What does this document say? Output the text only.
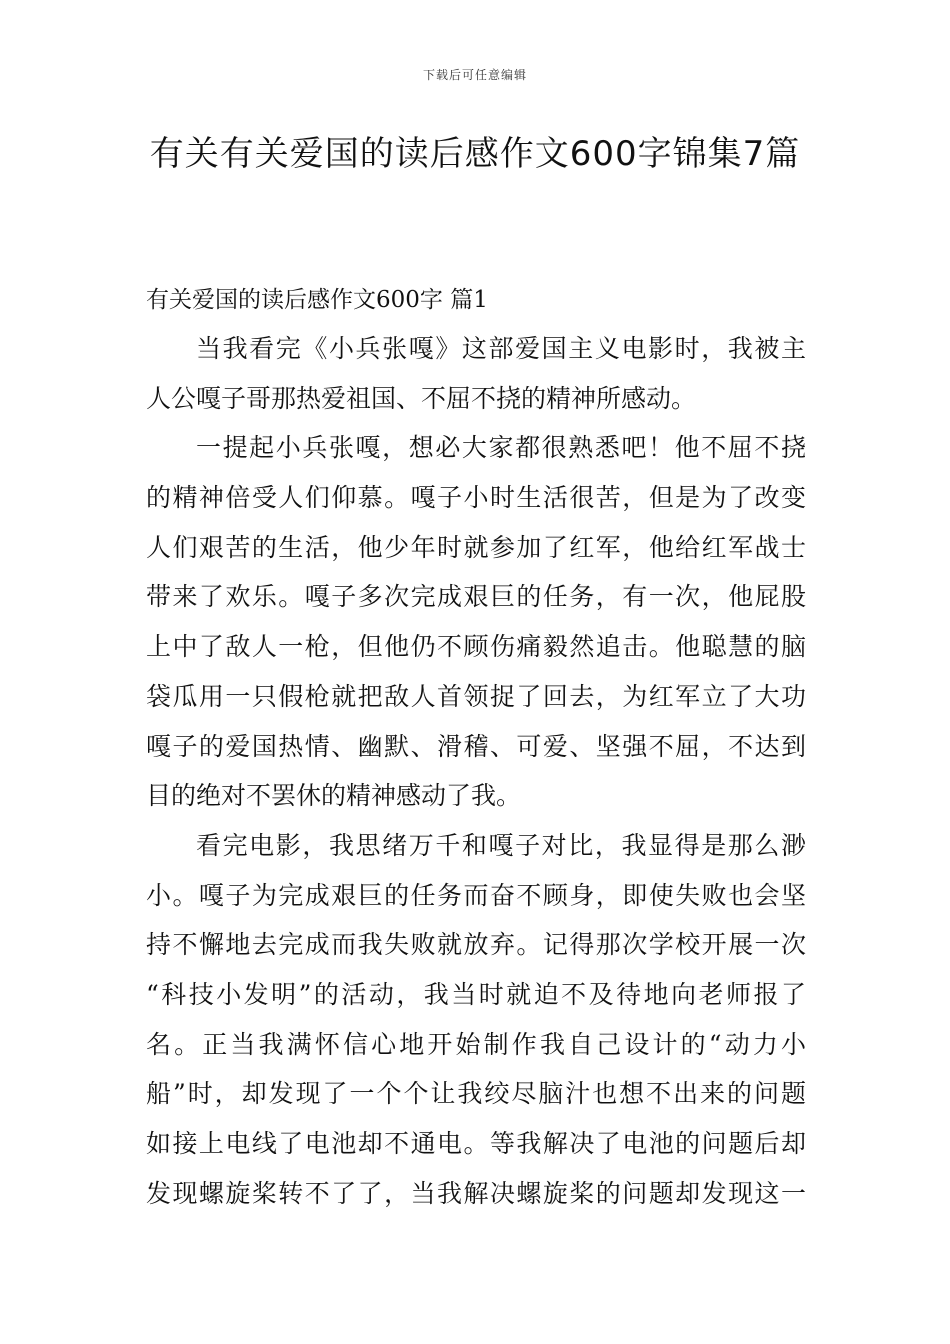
下载后可任意编辑
有关有关爱国的读后感作文600字锦集7篇
有关爱国的读后感作文600字 篇1
当我看完《小兵张嘎》这部爱国主义电影时，我被主
人公嘎子哥那热爱祖国、不屈不挠的精神所感动。
一提起小兵张嘎，想必大家都很熟悉吧！他不屈不挠
的精神倍受人们仰慕。嘎子小时生活很苦，但是为了改变
人们艰苦的生活，他少年时就参加了红军，他给红军战士
带来了欢乐。嘎子多次完成艰巨的任务，有一次，他屁股
上中了敌人一枪，但他仍不顾伤痛毅然追击。他聪慧的脑
袋瓜用一只假枪就把敌人首领捉了回去，为红军立了大功
嘎子的爱国热情、幽默、滑稽、可爱、坚强不屈，不达到
目的绝对不罢休的精神感动了我。
看完电影，我思绪万千和嘎子对比，我显得是那么渺
小。嘎子为完成艰巨的任务而奋不顾身，即使失败也会坚
持不懈地去完成而我失败就放弃。记得那次学校开展一次
“科技小发明”的活动，我当时就迫不及待地向老师报了
名。正当我满怀信心地开始制作我自己设计的“动力小
船”时，却发现了一个个让我绞尽脑汁也想不出来的问题
如接上电线了电池却不通电。等我解决了电池的问题后却
发现螺旋桨转不了了，当我解决螺旋桨的问题却发现这一
